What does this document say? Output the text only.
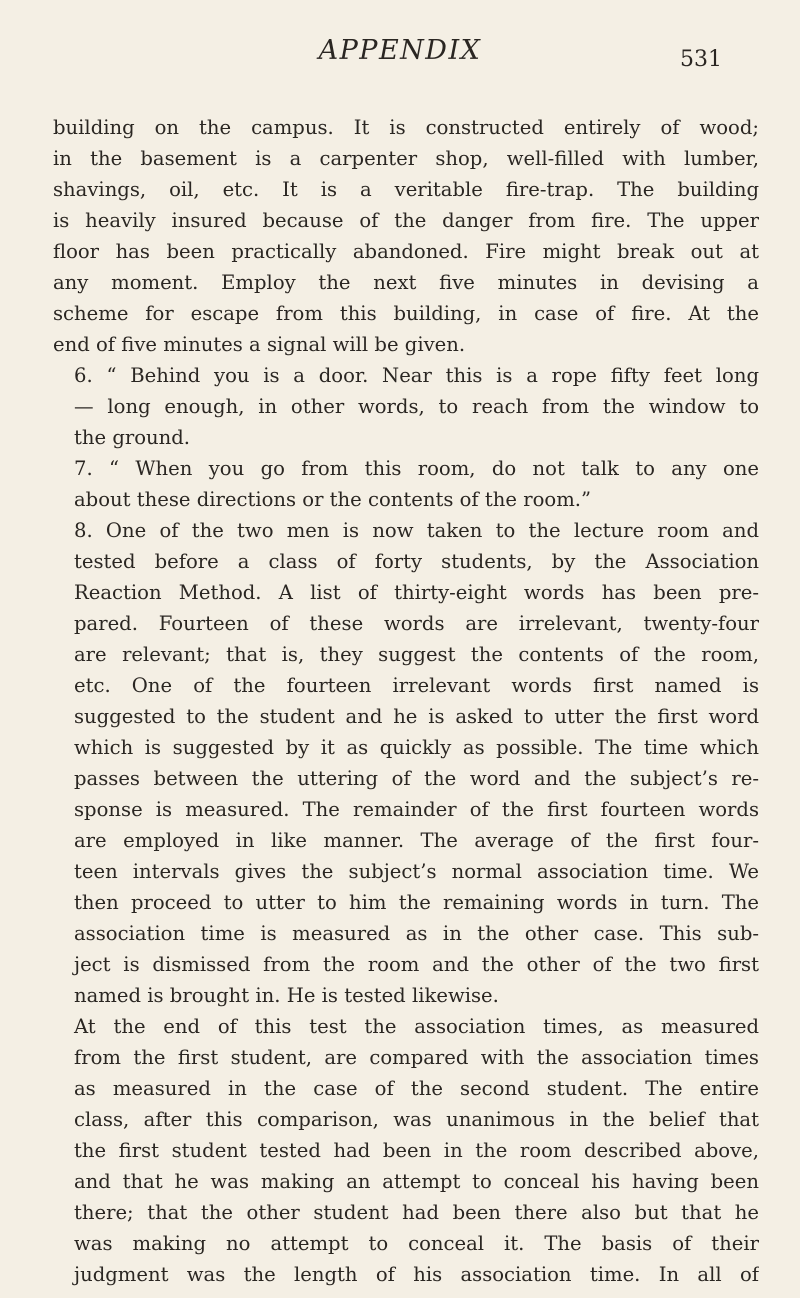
APPENDIX	531

building on the campus. It is constructed entirely of wood;
in the basement is a carpenter shop, well-filled with lumber,
shavings, oil, etc. It is a veritable fire-trap. The building
is heavily insured because of the danger from fire. The upper
floor has been practically abandoned. Fire might break out at
any moment. Employ the next five minutes in devising a
scheme for escape from this building, in case of fire. At the
end of five minutes a signal will be given.

6. “ Behind you is a door. Near this is a rope fifty feet long
— long enough, in other words, to reach from the window to
the ground.

7. “ When you go from this room, do not talk to any one
about these directions or the contents of the room.”

8. One of the two men is now taken to the lecture room and
tested before a class of forty students, by the Association
Reaction Method. A list of thirty-eight words has been pre-
pared. Fourteen of these words are irrelevant, twenty-four
are relevant; that is, they suggest the contents of the room,
etc. One of the fourteen irrelevant words first named is
suggested to the student and he is asked to utter the first word
which is suggested by it as quickly as possible. The time which
passes between the uttering of the word and the subject’s re-
sponse is measured. The remainder of the first fourteen words
are employed in like manner. The average of the first four-
teen intervals gives the subject’s normal association time. We
then proceed to utter to him the remaining words in turn. The
association time is measured as in the other case. This sub-
ject is dismissed from the room and the other of the two first
named is brought in. He is tested likewise.

At the end of this test the association times, as measured
from the first student, are compared with the association times
as measured in the case of the second student. The entire
class, after this comparison, was unanimous in the belief that
the first student tested had been in the room described above,
and that he was making an attempt to conceal his having been
there; that the other student had been there also but that he
was making no attempt to conceal it. The basis of their
judgment was the length of his association time. In all of
